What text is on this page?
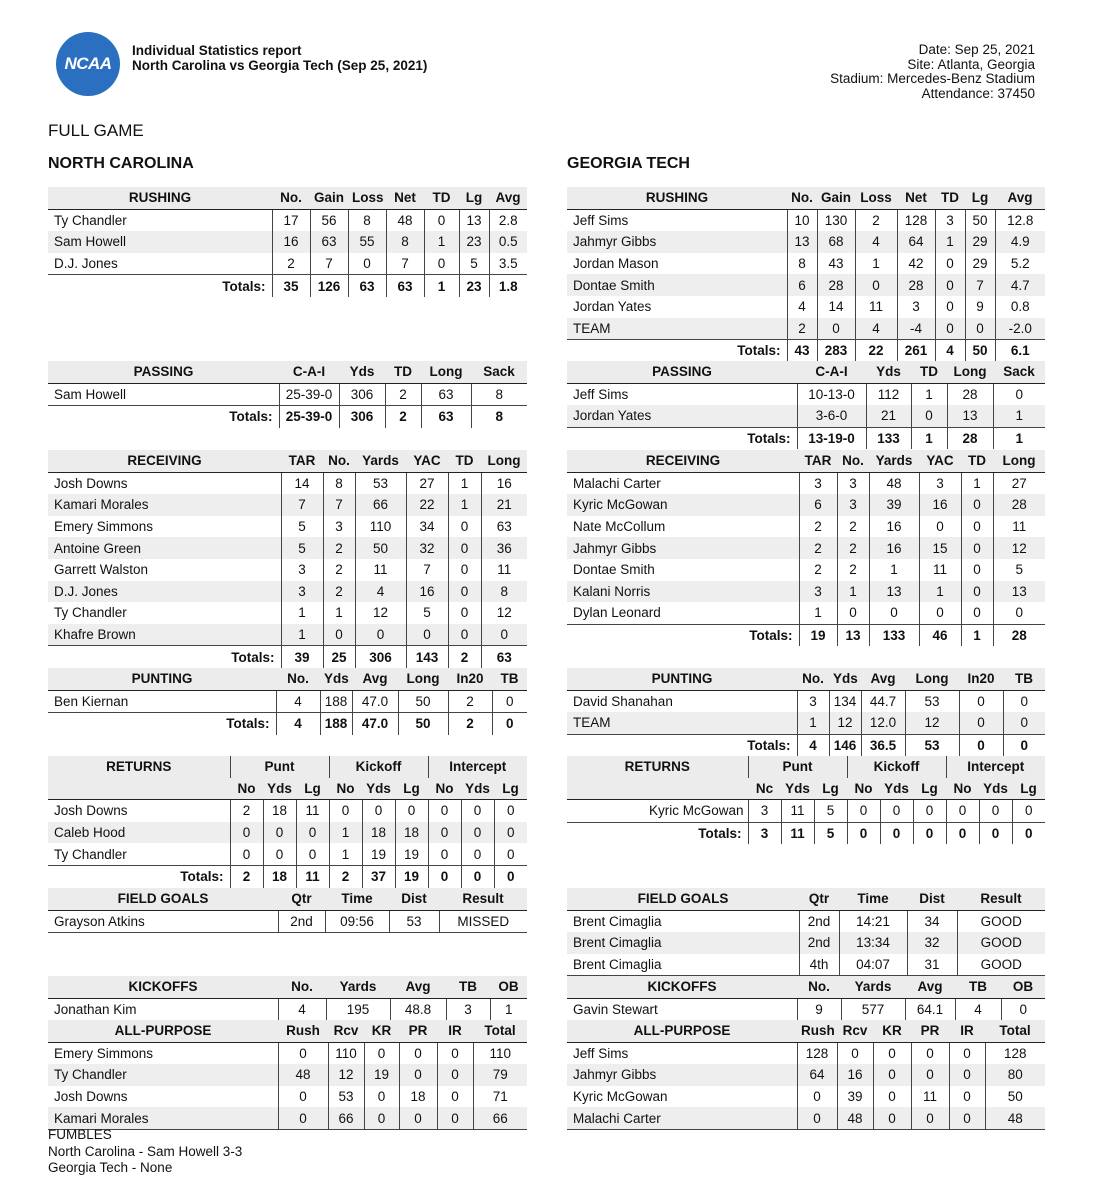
NCAA
Individual Statistics report
North Carolina vs Georgia Tech (Sep 25, 2021)
Date: Sep 25, 2021
Site: Atlanta, Georgia
Stadium: Mercedes-Benz Stadium
Attendance: 37450
FULL GAME
NORTH CAROLINA	GEORGIA TECH
RUSHING	No.	Gain	Loss	Net	TD	Lg	Avg
Ty Chandler	17	56	8	48	0	13	2.8
Sam Howell	16	63	55	8	1	23	0.5
D.J. Jones	2	7	0	7	0	5	3.5
Totals:	35	126	63	63	1	23	1.8
PASSING	C-A-I	Yds	TD	Long	Sack
Sam Howell	25-39-0	306	2	63	8
Totals:	25-39-0	306	2	63	8
RECEIVING	TAR	No.	Yards	YAC	TD	Long
Josh Downs	14	8	53	27	1	16
Kamari Morales	7	7	66	22	1	21
Emery Simmons	5	3	110	34	0	63
Antoine Green	5	2	50	32	0	36
Garrett Walston	3	2	11	7	0	11
D.J. Jones	3	2	4	16	0	8
Ty Chandler	1	1	12	5	0	12
Khafre Brown	1	0	0	0	0	0
Totals:	39	25	306	143	2	63
PUNTING	No.	Yds	Avg	Long	In20	TB
Ben Kiernan	4	188	47.0	50	2	0
Totals:	4	188	47.0	50	2	0
RETURNS	Punt			Kickoff			Intercept		
	No	Yds	Lg	No	Yds	Lg	No	Yds	Lg
Josh Downs	2	18	11	0	0	0	0	0	0
Caleb Hood	0	0	0	1	18	18	0	0	0
Ty Chandler	0	0	0	1	19	19	0	0	0
Totals:	2	18	11	2	37	19	0	0	0
FIELD GOALS	Qtr	Time	Dist	Result
Grayson Atkins	2nd	09:56	53	MISSED
KICKOFFS	No.	Yards	Avg	TB	OB
Jonathan Kim	4	195	48.8	3	1
ALL-PURPOSE	Rush	Rcv	KR	PR	IR	Total
Emery Simmons	0	110	0	0	0	110
Ty Chandler	48	12	19	0	0	79
Josh Downs	0	53	0	18	0	71
Kamari Morales	0	66	0	0	0	66
RUSHING	No.	Gain	Loss	Net	TD	Lg	Avg
Jeff Sims	10	130	2	128	3	50	12.8
Jahmyr Gibbs	13	68	4	64	1	29	4.9
Jordan Mason	8	43	1	42	0	29	5.2
Dontae Smith	6	28	0	28	0	7	4.7
Jordan Yates	4	14	11	3	0	9	0.8
TEAM	2	0	4	-4	0	0	-2.0
Totals:	43	283	22	261	4	50	6.1
PASSING	C-A-I	Yds	TD	Long	Sack
Jeff Sims	10-13-0	112	1	28	0
Jordan Yates	3-6-0	21	0	13	1
Totals:	13-19-0	133	1	28	1
RECEIVING	TAR	No.	Yards	YAC	TD	Long
Malachi Carter	3	3	48	3	1	27
Kyric McGowan	6	3	39	16	0	28
Nate McCollum	2	2	16	0	0	11
Jahmyr Gibbs	2	2	16	15	0	12
Dontae Smith	2	2	1	11	0	5
Kalani Norris	3	1	13	1	0	13
Dylan Leonard	1	0	0	0	0	0
Totals:	19	13	133	46	1	28
PUNTING	No.	Yds	Avg	Long	In20	TB
David Shanahan	3	134	44.7	53	0	0
TEAM	1	12	12.0	12	0	0
Totals:	4	146	36.5	53	0	0
RETURNS	Punt			Kickoff			Intercept		
	Nc	Yds	Lg	No	Yds	Lg	No	Yds	Lg
Kyric McGowan	3	11	5	0	0	0	0	0	0
Totals:	3	11	5	0	0	0	0	0	0
FIELD GOALS	Qtr	Time	Dist	Result
Brent Cimaglia	2nd	14:21	34	GOOD
Brent Cimaglia	2nd	13:34	32	GOOD
Brent Cimaglia	4th	04:07	31	GOOD
KICKOFFS	No.	Yards	Avg	TB	OB
Gavin Stewart	9	577	64.1	4	0
ALL-PURPOSE	Rush	Rcv	KR	PR	IR	Total
Jeff Sims	128	0	0	0	0	128
Jahmyr Gibbs	64	16	0	0	0	80
Kyric McGowan	0	39	0	11	0	50
Malachi Carter	0	48	0	0	0	48
FUMBLES
North Carolina - Sam Howell 3-3
Georgia Tech - None
